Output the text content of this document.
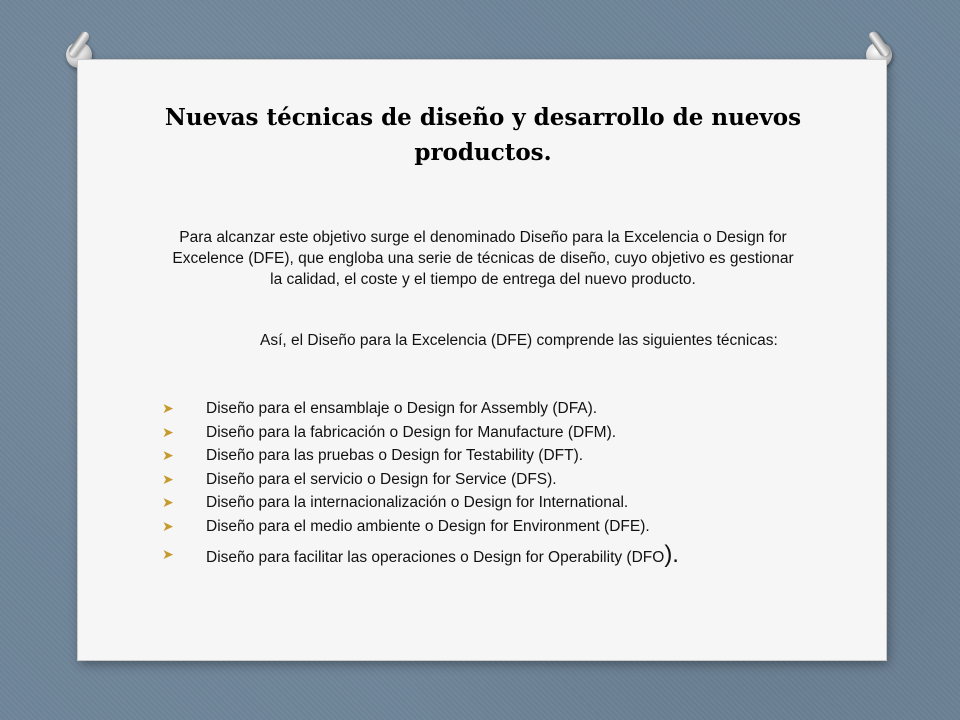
Nuevas técnicas de diseño y desarrollo de nuevos productos.

Para alcanzar este objetivo surge el denominado Diseño para la Excelencia o Design for Excelence (DFE), que engloba una serie de técnicas de diseño, cuyo objetivo es gestionar la calidad, el coste y el tiempo de entrega del nuevo producto.

Así, el Diseño para la Excelencia (DFE) comprende las siguientes técnicas:

➤ Diseño para el ensamblaje o Design for Assembly (DFA).
➤ Diseño para la fabricación o Design for Manufacture (DFM).
➤ Diseño para las pruebas o Design for Testability (DFT).
➤ Diseño para el servicio o Design for Service (DFS).
➤ Diseño para la internacionalización o Design for International.
➤ Diseño para el medio ambiente o Design for Environment (DFE).
➤ Diseño para facilitar las operaciones o Design for Operability (DFO).
